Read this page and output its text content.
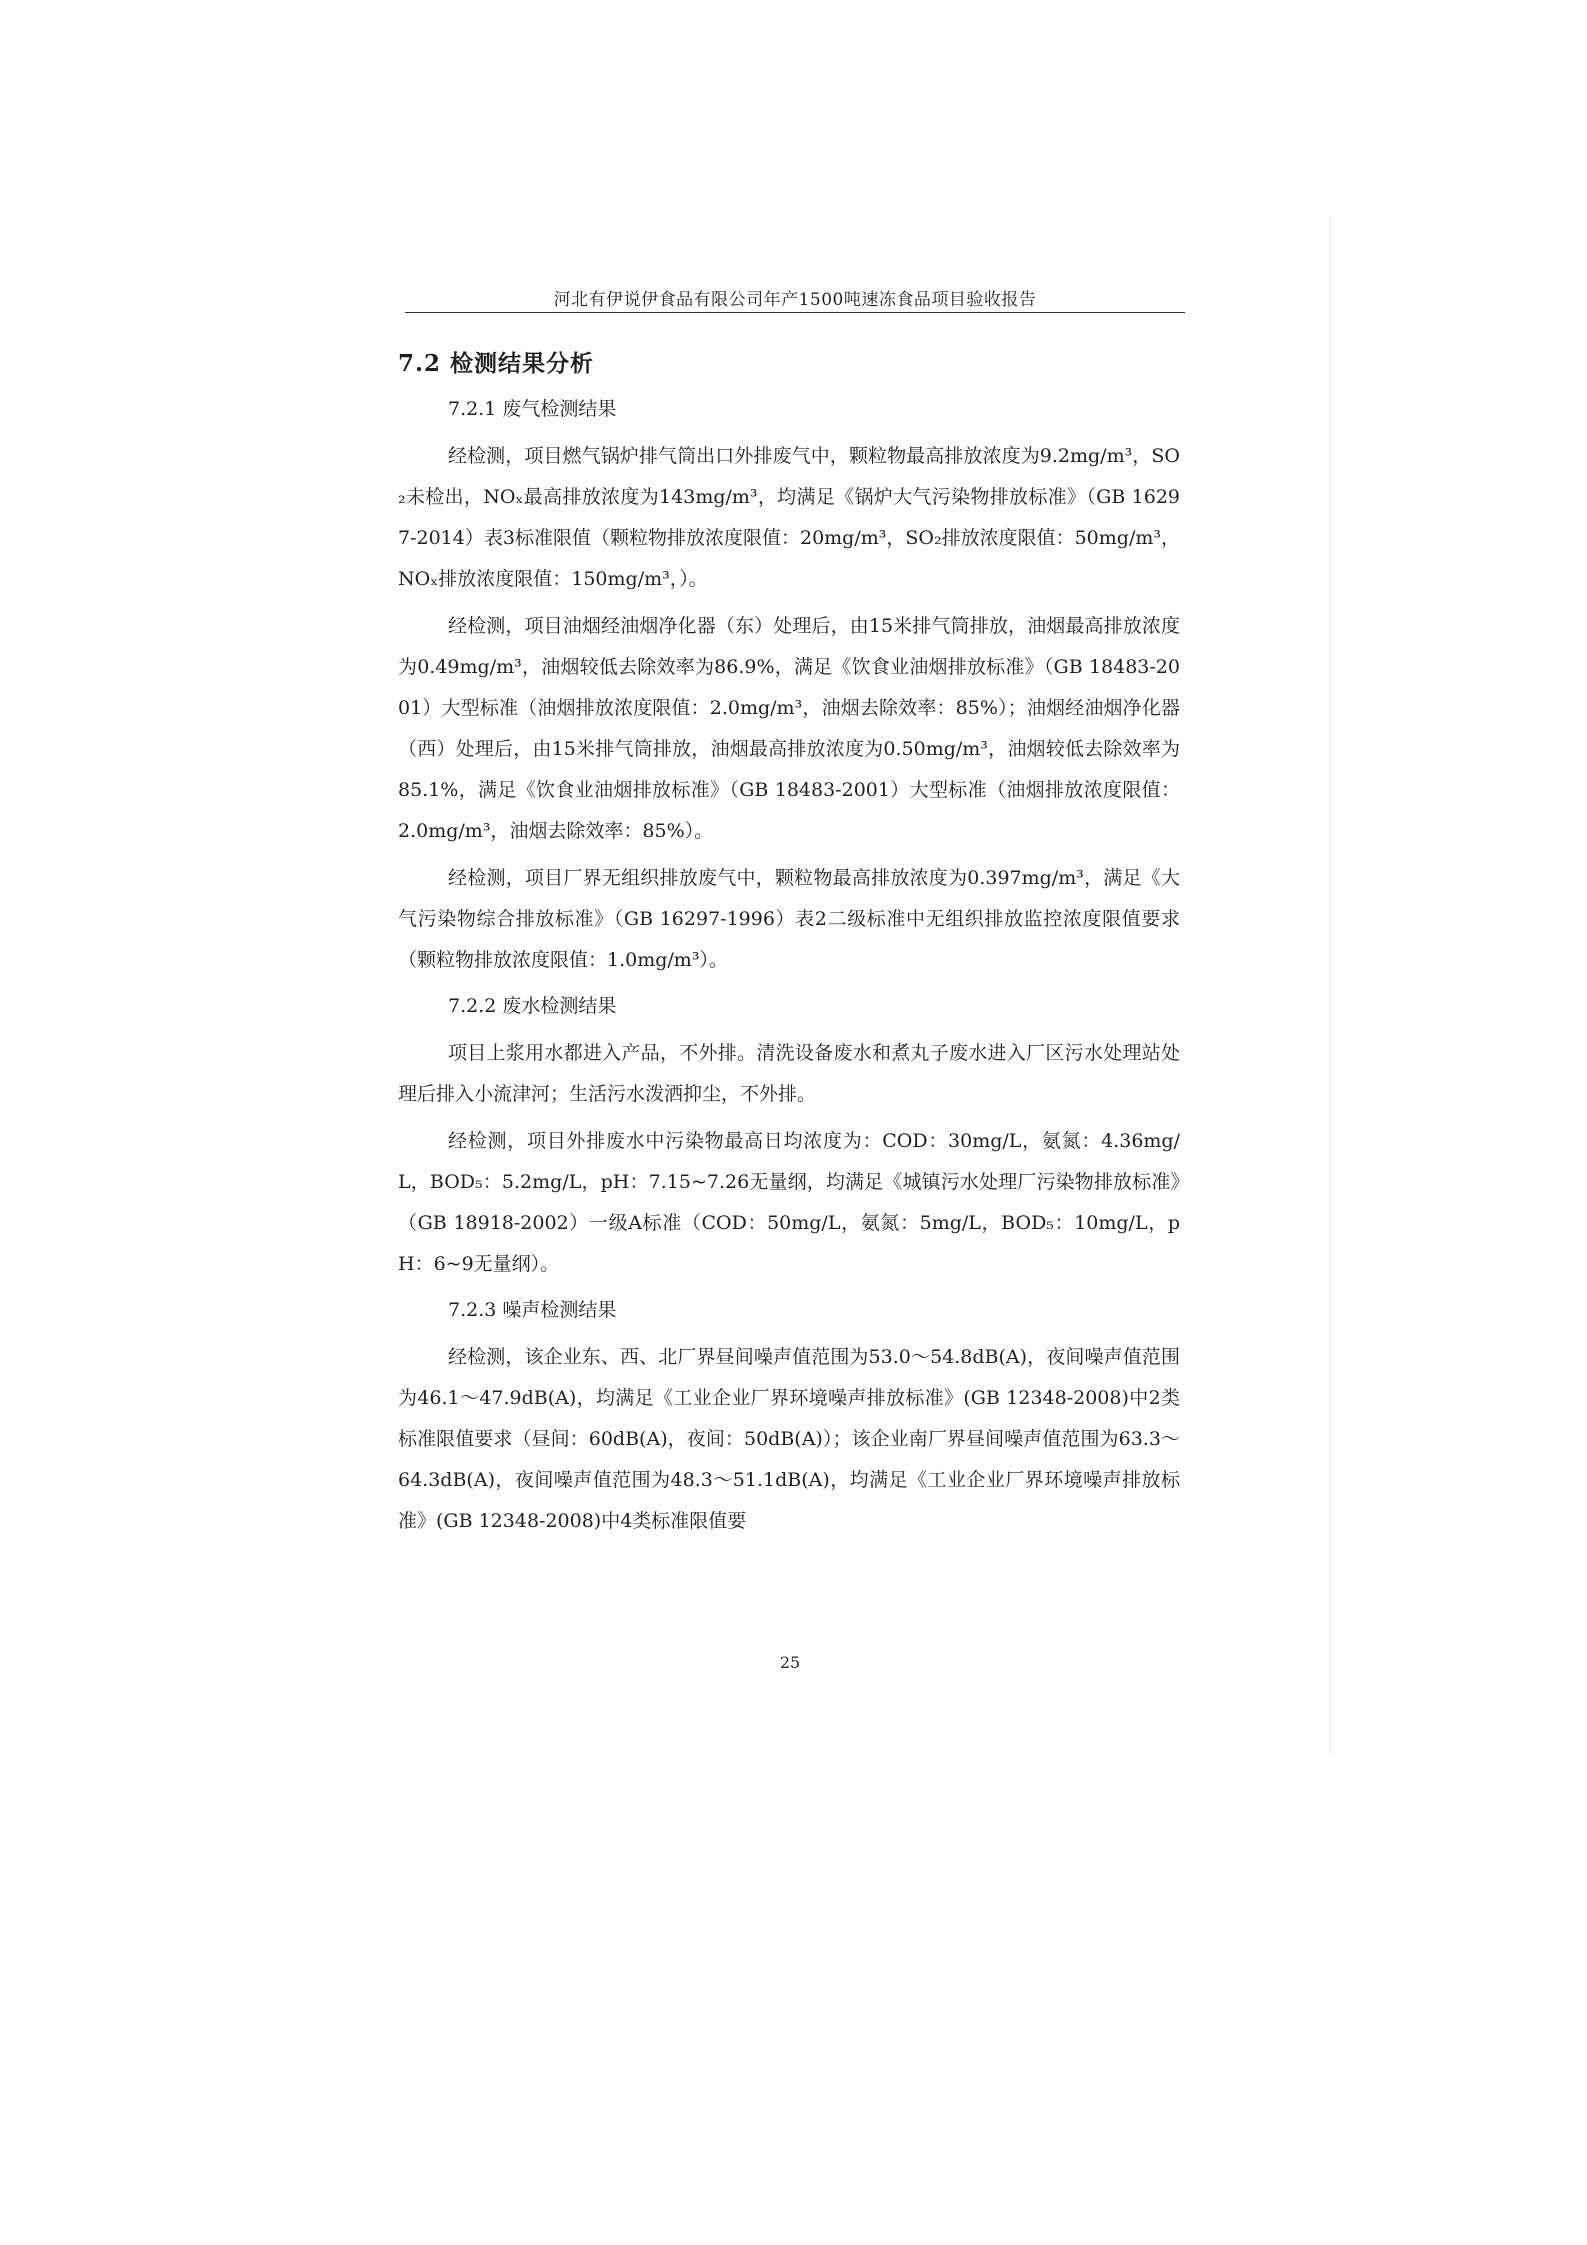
河北有伊说伊食品有限公司年产1500吨速冻食品项目验收报告
7.2 检测结果分析

7.2.1 废气检测结果

经检测，项目燃气锅炉排气筒出口外排废气中，颗粒物最高排放浓度为9.2mg/m³，SO₂未检出，NOₓ最高排放浓度为143mg/m³，均满足《锅炉大气污染物排放标准》（GB 16297-2014）表3标准限值（颗粒物排放浓度限值：20mg/m³，SO₂排放浓度限值：50mg/m³，NOₓ排放浓度限值：150mg/m³，）。

经检测，项目油烟经油烟净化器（东）处理后，由15米排气筒排放，油烟最高排放浓度为0.49mg/m³，油烟较低去除效率为86.9%，满足《饮食业油烟排放标准》（GB 18483-2001）大型标准（油烟排放浓度限值：2.0mg/m³，油烟去除效率：85%）；油烟经油烟净化器（西）处理后，由15米排气筒排放，油烟最高排放浓度为0.50mg/m³，油烟较低去除效率为85.1%，满足《饮食业油烟排放标准》（GB 18483-2001）大型标准（油烟排放浓度限值：2.0mg/m³，油烟去除效率：85%）。

经检测，项目厂界无组织排放废气中，颗粒物最高排放浓度为0.397mg/m³，满足《大气污染物综合排放标准》（GB 16297-1996）表2二级标准中无组织排放监控浓度限值要求（颗粒物排放浓度限值：1.0mg/m³）。

7.2.2 废水检测结果

项目上浆用水都进入产品，不外排。清洗设备废水和煮丸子废水进入厂区污水处理站处理后排入小流津河；生活污水泼洒抑尘，不外排。

经检测，项目外排废水中污染物最高日均浓度为：COD：30mg/L，氨氮：4.36mg/L，BOD₅：5.2mg/L，pH：7.15~7.26无量纲，均满足《城镇污水处理厂污染物排放标准》（GB 18918-2002）一级A标准（COD：50mg/L，氨氮：5mg/L，BOD₅：10mg/L，pH：6~9无量纲）。

7.2.3 噪声检测结果

经检测，该企业东、西、北厂界昼间噪声值范围为53.0～54.8dB(A)，夜间噪声值范围为46.1～47.9dB(A)，均满足《工业企业厂界环境噪声排放标准》(GB 12348-2008)中2类标准限值要求（昼间：60dB(A)，夜间：50dB(A)）；该企业南厂界昼间噪声值范围为63.3～64.3dB(A)，夜间噪声值范围为48.3～51.1dB(A)，均满足《工业企业厂界环境噪声排放标准》(GB 12348-2008)中4类标准限值要

25
